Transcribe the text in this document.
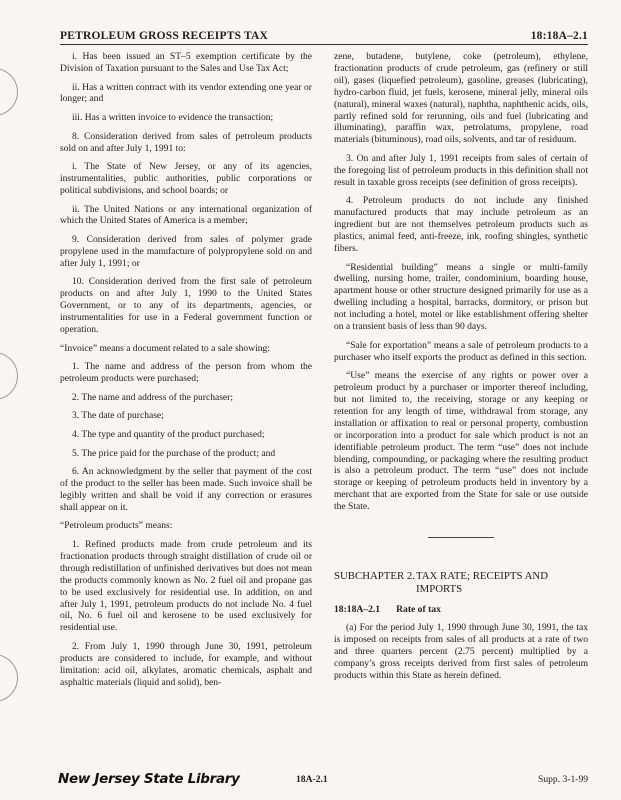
PETROLEUM GROSS RECEIPTS TAX	18:18A–2.1

i. Has been issued an ST–5 exemption certificate by the Division of Taxation pursuant to the Sales and Use Tax Act;

ii. Has a written contract with its vendor extending one year or longer; and

iii. Has a written invoice to evidence the transaction;

8. Consideration derived from sales of petroleum products sold on and after July 1, 1991 to:

i. The State of New Jersey, or any of its agencies, instrumentalities, public authorities, public corporations or political subdivisions, and school boards; or

ii. The United Nations or any international organization of which the United States of America is a member;

9. Consideration derived from sales of polymer grade propylene used in the manufacture of polypropylene sold on and after July 1, 1991; or

10. Consideration derived from the first sale of petroleum products on and after July 1, 1990 to the United States Government, or to any of its departments, agencies, or instrumentalities for use in a Federal government function or operation.

“Invoice” means a document related to a sale showing:

1. The name and address of the person from whom the petroleum products were purchased;

2. The name and address of the purchaser;

3. The date of purchase;

4. The type and quantity of the product purchased;

5. The price paid for the purchase of the product; and

6. An acknowledgment by the seller that payment of the cost of the product to the seller has been made. Such invoice shall be legibly written and shall be void if any correction or erasures shall appear on it.

“Petroleum products” means:

1. Refined products made from crude petroleum and its fractionation products through straight distillation of crude oil or through redistillation of unfinished derivatives but does not mean the products commonly known as No. 2 fuel oil and propane gas to be used exclusively for residential use. In addition, on and after July 1, 1991, petroleum products do not include No. 4 fuel oil, No. 6 fuel oil and kerosene to be used exclusively for residential use.

2. From July 1, 1990 through June 30, 1991, petroleum products are considered to include, for example, and without limitation: acid oil, alkylates, aromatic chemicals, asphalt and asphaltic materials (liquid and solid), ben-

zene, butadene, butylene, coke (petroleum), ethylene, fractionation products of crude petroleum, gas (refinery or still oil), gases (liquefied petroleum), gasoline, greases (lubricating), hydro-carbon fluid, jet fuels, kerosene, mineral jelly, mineral oils (natural), mineral waxes (natural), naphtha, naphthenic acids, oils, partly refined sold for rerunning, oils and fuel (lubricating and illuminating), paraffin wax, petrolatums, propylene, road materials (bituminous), road oils, solvents, and tar of residuum.

3. On and after July 1, 1991 receipts from sales of certain of the foregoing list of petroleum products in this definition shall not result in taxable gross receipts (see definition of gross receipts).

4. Petroleum products do not include any finished manufactured products that may include petroleum as an ingredient but are not themselves petroleum products such as plastics, animal feed, anti-freeze, ink, roofing shingles, synthetic fibers.

“Residential building” means a single or multi-family dwelling, nursing home, trailer, condominium, boarding house, apartment house or other structure designed primarily for use as a dwelling including a hospital, barracks, dormitory, or prison but not including a hotel, motel or like establishment offering shelter on a transient basis of less than 90 days.

“Sale for exportation” means a sale of petroleum products to a purchaser who itself exports the product as defined in this section.

“Use” means the exercise of any rights or power over a petroleum product by a purchaser or importer thereof including, but not limited to, the receiving, storage or any keeping or retention for any length of time, withdrawal from storage, any installation or affixation to real or personal property, combustion or incorporation into a product for sale which product is not an identifiable petroleum product. The term “use” does not include blending, compounding, or packaging where the resulting product is also a petroleum product. The term “use” does not include storage or keeping of petroleum products held in inventory by a merchant that are exported from the State for sale or use outside the State.

SUBCHAPTER 2. TAX RATE; RECEIPTS AND IMPORTS
18:18A–2.1 Rate of tax

(a) For the period July 1, 1990 through June 30, 1991, the tax is imposed on receipts from sales of all products at a rate of two and three quarters percent (2.75 percent) multiplied by a company’s gross receipts derived from first sales of petroleum products within this State as herein defined.

New Jersey State Library	18A-2.1	Supp. 3-1-99
